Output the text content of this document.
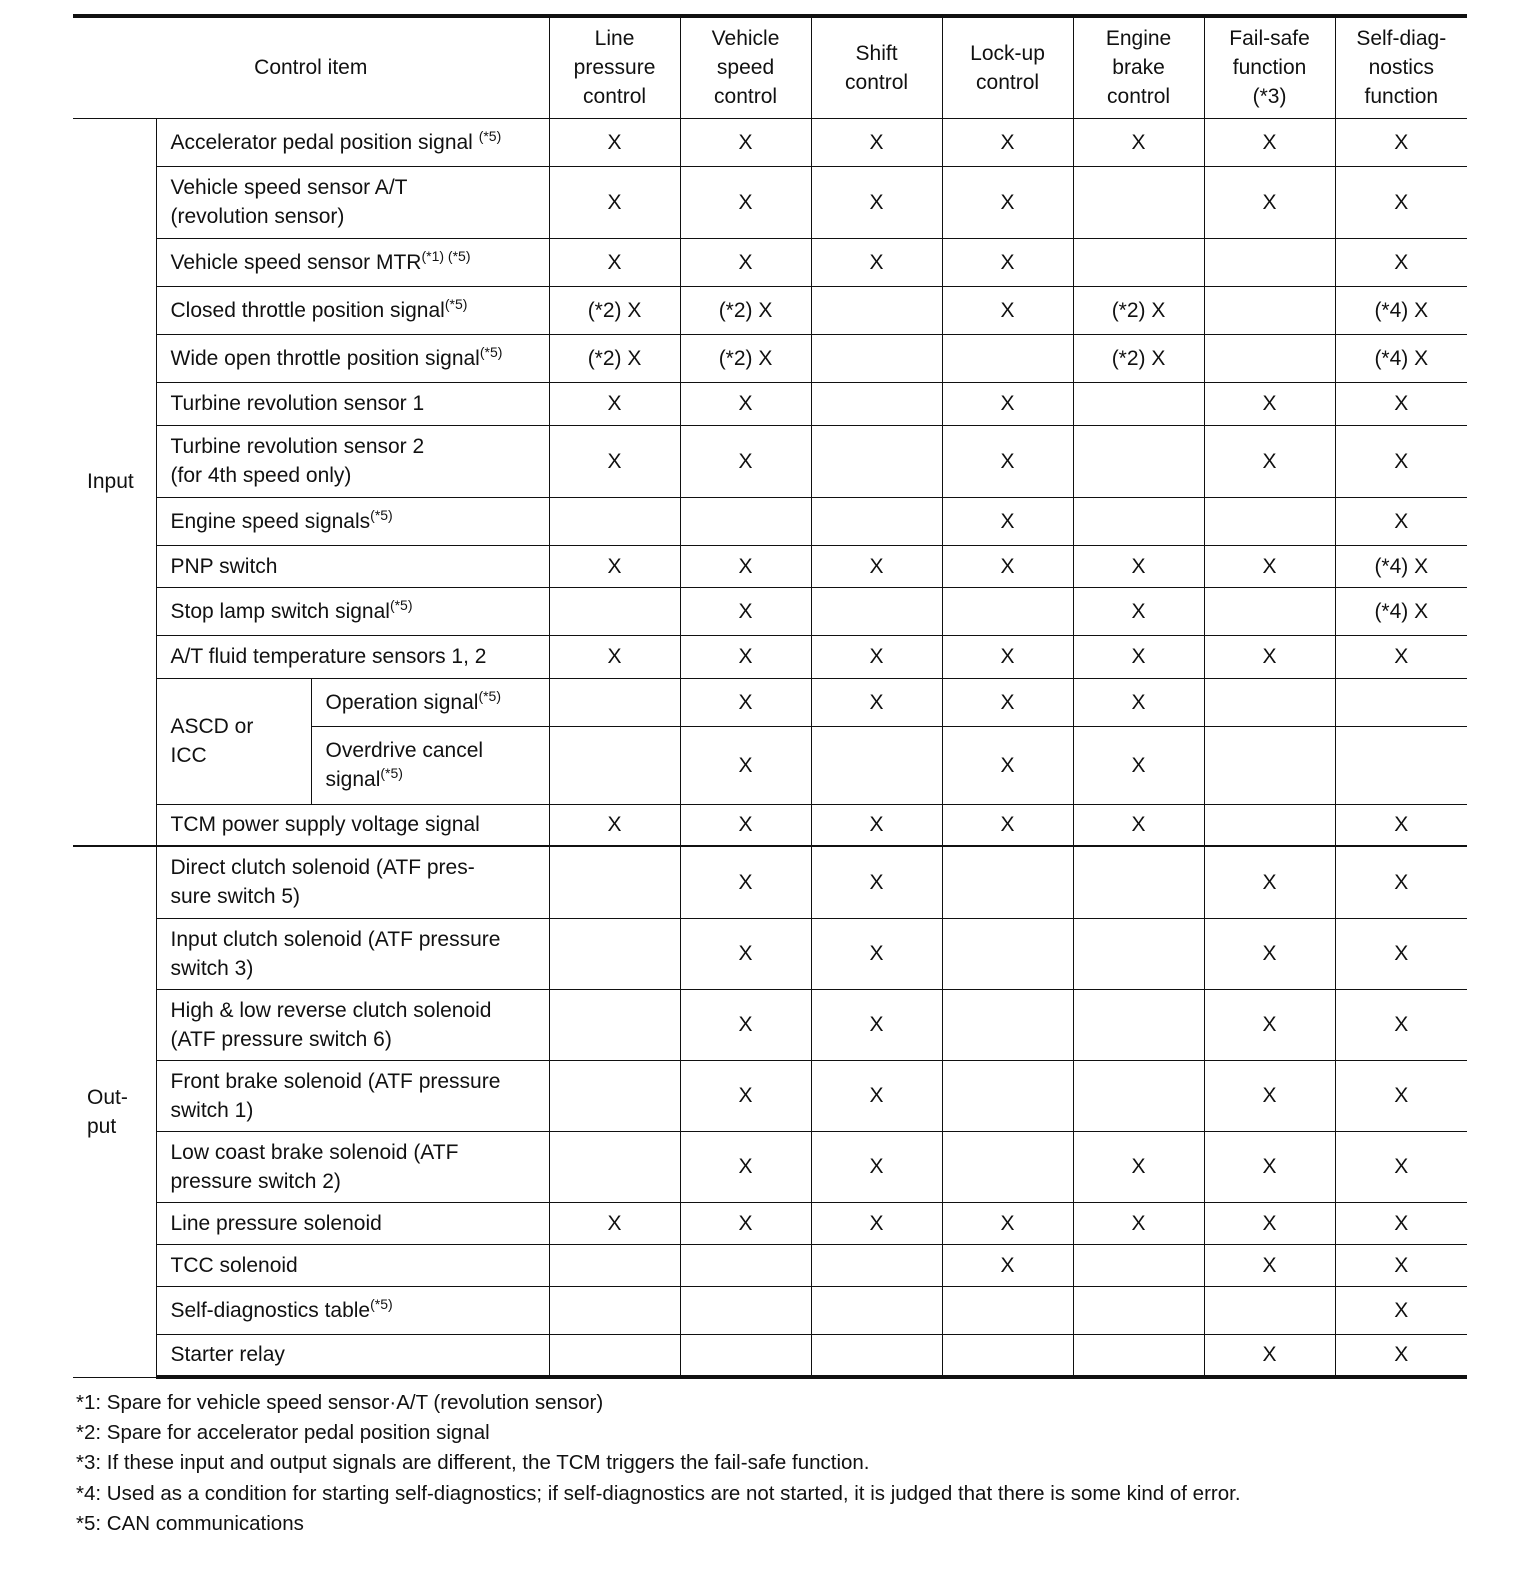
Control item			Line
pressure
control	Vehicle
speed
control	Shift
control	Lock-up
control	Engine
brake
control	Fail-safe
function
(*3)	Self-diag-
nostics
function

Input	Accelerator pedal position signal $^{(*5)}$		X	X	X	X	X	X	X

	Vehicle speed sensor A/T
(revolution sensor)		X	X	X	X		X	X

	Vehicle speed sensor $MTR^{(*1) (*5)}$		X	X	X	X			X

	Closed throttle position signal$^{(*5)}$		(*2) X	(*2) X		X	(*2) X		(*4) X

	Wide open throttle position signal$^{(*5)}$		(*2) X	(*2) X			(*2) X		(*4) X

	Turbine revolution sensor 1		X	X		X		X	X

	Turbine revolution sensor 2
(for 4th speed only)		X	X		X		X	X

	Engine speed signals$^{(*5)}$					X			X

	PNP switch		X	X	X	X	X	X	(*4) X

	Stop lamp switch signal$^{(*5)}$			X			X		(*4) X

	A/T fluid temperature sensors 1, 2		X	X	X	X	X	X	X

	ASCD or
ICC	Operation signal$^{(*5)}$		X	X	X	X		

		Overdrive cancel
signal$^{(*5)}$		X		X	X		

	TCM power supply voltage signal		X	X	X	X	X		X

Out-
put	Direct clutch solenoid (ATF pres-
sure switch 5)			X	X			X	X

	Input clutch solenoid (ATF pressure
switch 3)			X	X			X	X

	High & low reverse clutch solenoid
(ATF pressure switch 6)			X	X			X	X

	Front brake solenoid (ATF pressure
switch 1)			X	X			X	X

	Low coast brake solenoid (ATF
pressure switch 2)			X	X		X	X	X

	Line pressure solenoid		X	X	X	X	X	X	X

	TCC solenoid					X		X	X

	Self-diagnostics table$^{(*5)}$								X

	Starter relay							X	X
*1: Spare for vehicle speed sensor·A/T (revolution sensor)
*2: Spare for accelerator pedal position signal
*3: If these input and output signals are different, the TCM triggers the fail-safe function.
*4: Used as a condition for starting self-diagnostics; if self-diagnostics are not started, it is judged that there is some kind of error.
*5: CAN communications
